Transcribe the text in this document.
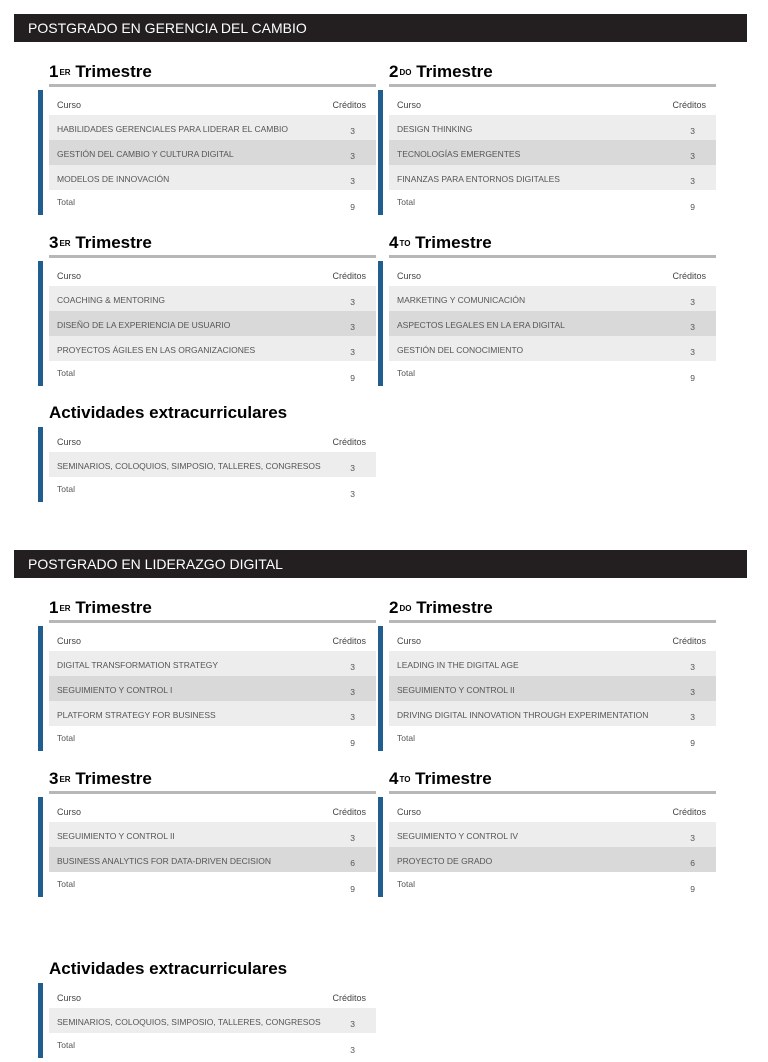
POSTGRADO EN GERENCIA DEL CAMBIO
1ER Trimestre
Curso	Créditos
HABILIDADES GERENCIALES PARA LIDERAR EL CAMBIO	3
GESTIÓN DEL CAMBIO Y CULTURA DIGITAL	3
MODELOS DE INNOVACIÓN	3
Total	9
$2^{DO}$ Trimestre
Curso	Créditos
DESIGN THINKING	3
TECNOLOGÍAS EMERGENTES	3
FINANZAS PARA ENTORNOS DIGITALES	3
Total	9
3ER Trimestre
Curso	Créditos
COACHING & MENTORING	3
DISEÑO DE LA EXPERIENCIA DE USUARIO	3
PROYECTOS ÁGILES EN LAS ORGANIZACIONES	3
Total	9
$4^{TO}$ Trimestre
Curso	Créditos
MARKETING Y COMUNICACIÓN	3
ASPECTOS LEGALES EN LA ERA DIGITAL	3
GESTIÓN DEL CONOCIMIENTO	3
Total	9
Actividades extracurriculares
Curso	Créditos
SEMINARIOS, COLOQUIOS, SIMPOSIO, TALLERES, CONGRESOS	3
Total	3
POSTGRADO EN LIDERAZGO DIGITAL
1ER Trimestre
Curso	Créditos
DIGITAL TRANSFORMATION STRATEGY	3
SEGUIMIENTO Y CONTROL I	3
PLATFORM STRATEGY FOR BUSINESS	3
Total	9
$2^{DO}$ Trimestre
Curso	Créditos
LEADING IN THE DIGITAL AGE	3
SEGUIMIENTO Y CONTROL II	3
DRIVING DIGITAL INNOVATION THROUGH EXPERIMENTATION	3
Total	9
3ER Trimestre
Curso	Créditos
SEGUIMIENTO Y CONTROL II	3
BUSINESS ANALYTICS FOR DATA-DRIVEN DECISION	6
Total	9
$4^{TO}$ Trimestre
Curso	Créditos
SEGUIMIENTO Y CONTROL IV	3
PROYECTO DE GRADO	6
Total	9
Actividades extracurriculares
Curso	Créditos
SEMINARIOS, COLOQUIOS, SIMPOSIO, TALLERES, CONGRESOS	3
Total	3
